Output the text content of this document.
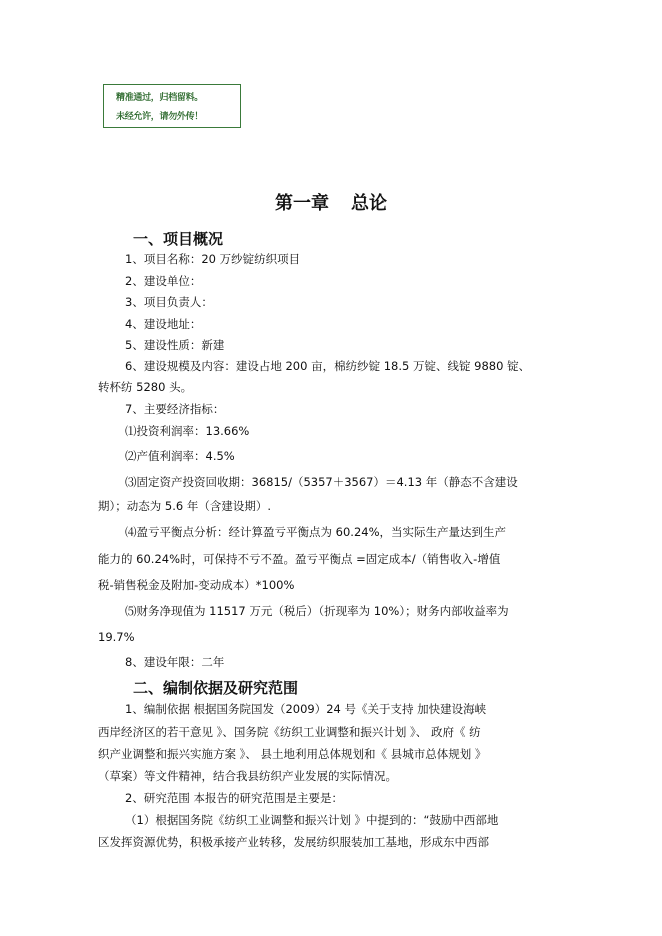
精准通过，归档留料。
未经允许，请勿外传！
第一章 总论
一、项目概况
1、项目名称：20 万纱锭纺织项目
2、建设单位：
3、项目负责人：
4、建设地址：
5、建设性质：新建
6、建设规模及内容：建设占地 200 亩，棉纺纱锭 18.5 万锭、线锭 9880 锭、
转杯纺 5280 头。
7、主要经济指标：
⑴投资利润率：13.66%
⑵产值利润率：4.5%
⑶固定资产投资回收期：36815/（5357＋3567）＝4.13 年（静态不含建设
期）；动态为 5.6 年（含建设期）.
⑷盈亏平衡点分析：经计算盈亏平衡点为 60.24%，当实际生产量达到生产
能力的 60.24%时，可保持不亏不盈。盈亏平衡点 =固定成本/（销售收入-增值
税-销售税金及附加-变动成本）*100%
⑸财务净现值为 11517 万元（税后）（折现率为 10%）；财务内部收益率为
19.7%
8、建设年限：二年
二、编制依据及研究范围
1、编制依据 根据国务院国发（2009）24 号《关于支持 加快建设海峡
西岸经济区的若干意见 》、国务院《纺织工业调整和振兴计划 》、 政府《 纺
织产业调整和振兴实施方案 》、 县土地利用总体规划和《 县城市总体规划 》
（草案）等文件精神，结合我县纺织产业发展的实际情况。
2、研究范围 本报告的研究范围是主要是：
（1）根据国务院《纺织工业调整和振兴计划 》中提到的：“鼓励中西部地
区发挥资源优势，积极承接产业转移，发展纺织服装加工基地，形成东中西部
